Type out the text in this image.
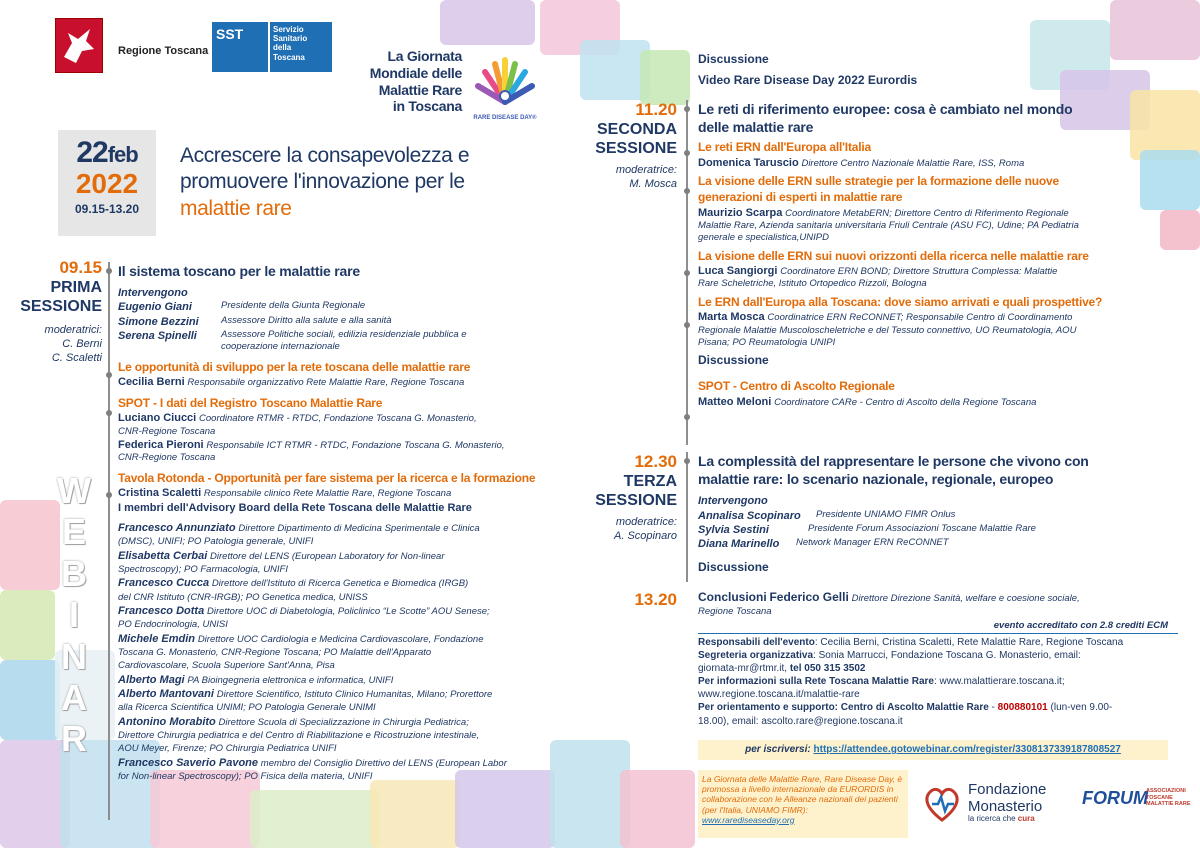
Regione Toscana
SST	Servizio
Sanitario
della
Toscana	La Giornata
Mondiale delle
Malattie Rare
in Toscana
RARE DISEASE DAY®
22feb
2022
09.15-13.20
Accrescere la consapevolezza e
promuovere l'innovazione per le
malattie rare
W
E
B
I
N
A
R
09.15
PRIMA
SESSIONE
moderatrici:
C. Berni
C. Scaletti
Il sistema toscano per le malattie rare
Intervengono
Eugenio Giani	Presidente della Giunta Regionale
Simone Bezzini	Assessore Diritto alla salute e alla sanità
Serena Spinelli	Assessore Politiche sociali, edilizia residenziale pubblica e
cooperazione internazionale
Le opportunità di sviluppo per la rete toscana delle malattie rare
Cecilia Berni Responsabile organizzativo Rete Malattie Rare, Regione Toscana
SPOT - I dati del Registro Toscano Malattie Rare
Luciano Ciucci Coordinatore RTMR - RTDC, Fondazione Toscana G. Monasterio,
CNR-Regione Toscana
Federica Pieroni Responsabile ICT RTMR - RTDC, Fondazione Toscana G. Monasterio,
CNR-Regione Toscana
Tavola Rotonda - Opportunità per fare sistema per la ricerca e la formazione
Cristina Scaletti Responsabile clinico Rete Malattie Rare, Regione Toscana
I membri dell'Advisory Board della Rete Toscana delle Malattie Rare
Francesco Annunziato Direttore Dipartimento di Medicina Sperimentale e Clinica
(DMSC), UNIFI; PO Patologia generale, UNIFI
Elisabetta Cerbai Direttore del LENS (European Laboratory for Non-linear
Spectroscopy); PO Farmacologia, UNIFI
Francesco Cucca Direttore dell'Istituto di Ricerca Genetica e Biomedica (IRGB)
del CNR Istituto (CNR-IRGB); PO Genetica medica, UNISS
Francesco Dotta Direttore UOC di Diabetologia, Policlinico “Le Scotte” AOU Senese;
PO Endocrinologia, UNISI
Michele Emdin Direttore UOC Cardiologia e Medicina Cardiovascolare, Fondazione
Toscana G. Monasterio, CNR-Regione Toscana; PO Malattie dell'Apparato
Cardiovascolare, Scuola Superiore Sant'Anna, Pisa
Alberto Magi PA Bioingegneria elettronica e informatica, UNIFI
Alberto Mantovani Direttore Scientifico, Istituto Clinico Humanitas, Milano; Prorettore
alla Ricerca Scientifica UNIMI; PO Patologia Generale UNIMI
Antonino Morabito Direttore Scuola di Specializzazione in Chirurgia Pediatrica;
Direttore Chirurgia pediatrica e del Centro di Riabilitazione e Ricostruzione intestinale,
AOU Meyer, Firenze; PO Chirurgia Pediatrica UNIFI
Francesco Saverio Pavone membro del Consiglio Direttivo del LENS (European Labor
for Non-linear Spectroscopy); PO Fisica della materia, UNIFI
Discussione
Video Rare Disease Day 2022 Eurordis
11.20
SECONDA
SESSIONE
moderatrice:
M. Mosca
Le reti di riferimento europee: cosa è cambiato nel mondo
delle malattie rare
Le reti ERN dall'Europa all'Italia
Domenica Taruscio Direttore Centro Nazionale Malattie Rare, ISS, Roma
La visione delle ERN sulle strategie per la formazione delle nuove
generazioni di esperti in malattie rare
Maurizio Scarpa Coordinatore MetabERN; Direttore Centro di Riferimento Regionale
Malattie Rare, Azienda sanitaria universitaria Friuli Centrale (ASU FC), Udine; PA Pediatria
generale e specialistica,UNIPD
La visione delle ERN sui nuovi orizzonti della ricerca nelle malattie rare
Luca Sangiorgi Coordinatore ERN BOND; Direttore Struttura Complessa: Malattie
Rare Scheletriche, Istituto Ortopedico Rizzoli, Bologna
Le ERN dall'Europa alla Toscana: dove siamo arrivati e quali prospettive?
Marta Mosca Coordinatrice ERN ReCONNET; Responsabile Centro di Coordinamento
Regionale Malattie Muscoloscheletriche e del Tessuto connettivo, UO Reumatologia, AOU
Pisana; PO Reumatologia UNIPI
Discussione
SPOT - Centro di Ascolto Regionale
Matteo Meloni Coordinatore CARe - Centro di Ascolto della Regione Toscana
12.30
TERZA
SESSIONE
moderatrice:
A. Scopinaro
La complessità del rappresentare le persone che vivono con
malattie rare: lo scenario nazionale, regionale, europeo
Intervengono
Annalisa Scopinaro	Presidente UNIAMO FIMR Onlus
Sylvia Sestini	Presidente Forum Associazioni Toscane Malattie Rare
Diana Marinello	Network Manager ERN ReCONNET
Discussione
13.20 Conclusioni Federico Gelli Direttore Direzione Sanità, welfare e coesione sociale,
Regione Toscana
evento accreditato con 2.8 crediti ECM
Responsabili dell'evento: Cecilia Berni, Cristina Scaletti, Rete Malattie Rare, Regione Toscana
Segreteria organizzativa: Sonia Marrucci, Fondazione Toscana G. Monasterio, email:
giornata-mr@rtmr.it, tel 050 315 3502
Per informazioni sulla Rete Toscana Malattie Rare: www.malattierare.toscana.it;
www.regione.toscana.it/malattie-rare
Per orientamento e supporto: Centro di Ascolto Malattie Rare - 800880101 (lun-ven 9.00-
18.00), email: ascolto.rare@regione.toscana.it
per iscriversi: https://attendee.gotowebinar.com/register/3308137339187808527
La Giornata delle Malattie Rare, Rare Disease Day, è promossa a livello internazionale da EURORDIS in collaborazione con le Alleanze nazionali dei pazienti (per l'Italia, UNIAMO FIMR):
www.rarediseaseday.org
Fondazione
Monasterio
la ricerca che cura
FORUM
ASSOCIAZIONI
TOSCANE
MALATTIE RARE
